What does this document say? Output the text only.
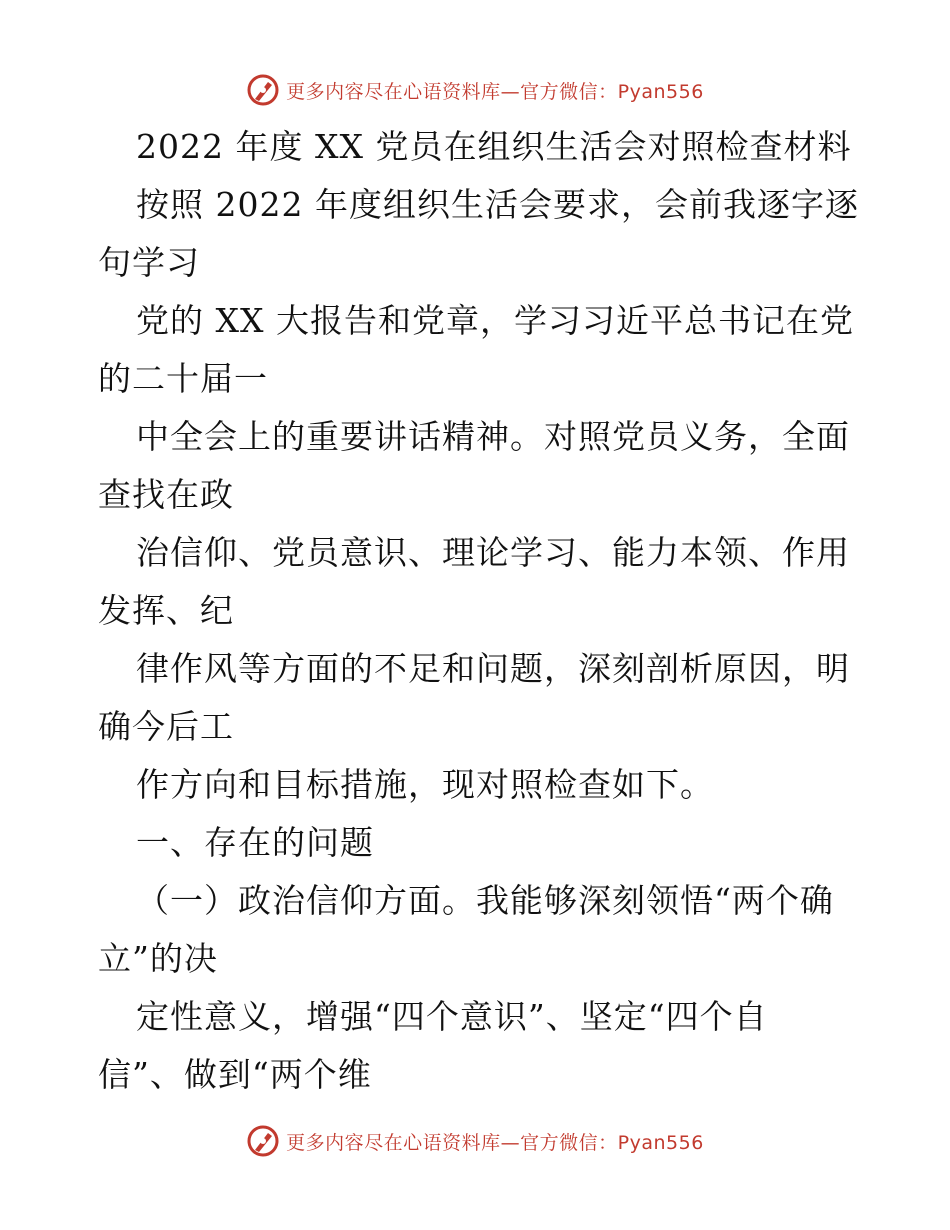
更多内容尽在心语资料库—官方微信：Pyan556
2022 年度 XX 党员在组织生活会对照检查材料
按照 2022 年度组织生活会要求，会前我逐字逐
句学习
党的 XX 大报告和党章，学习习近平总书记在党
的二十届一
中全会上的重要讲话精神。对照党员义务，全面
查找在政
治信仰、党员意识、理论学习、能力本领、作用
发挥、纪
律作风等方面的不足和问题，深刻剖析原因，明
确今后工
作方向和目标措施，现对照检查如下。
一、存在的问题
（一）政治信仰方面。我能够深刻领悟“两个确
立”的决
定性意义，增强“四个意识”、坚定“四个自
信”、做到“两个维
更多内容尽在心语资料库—官方微信：Pyan556
